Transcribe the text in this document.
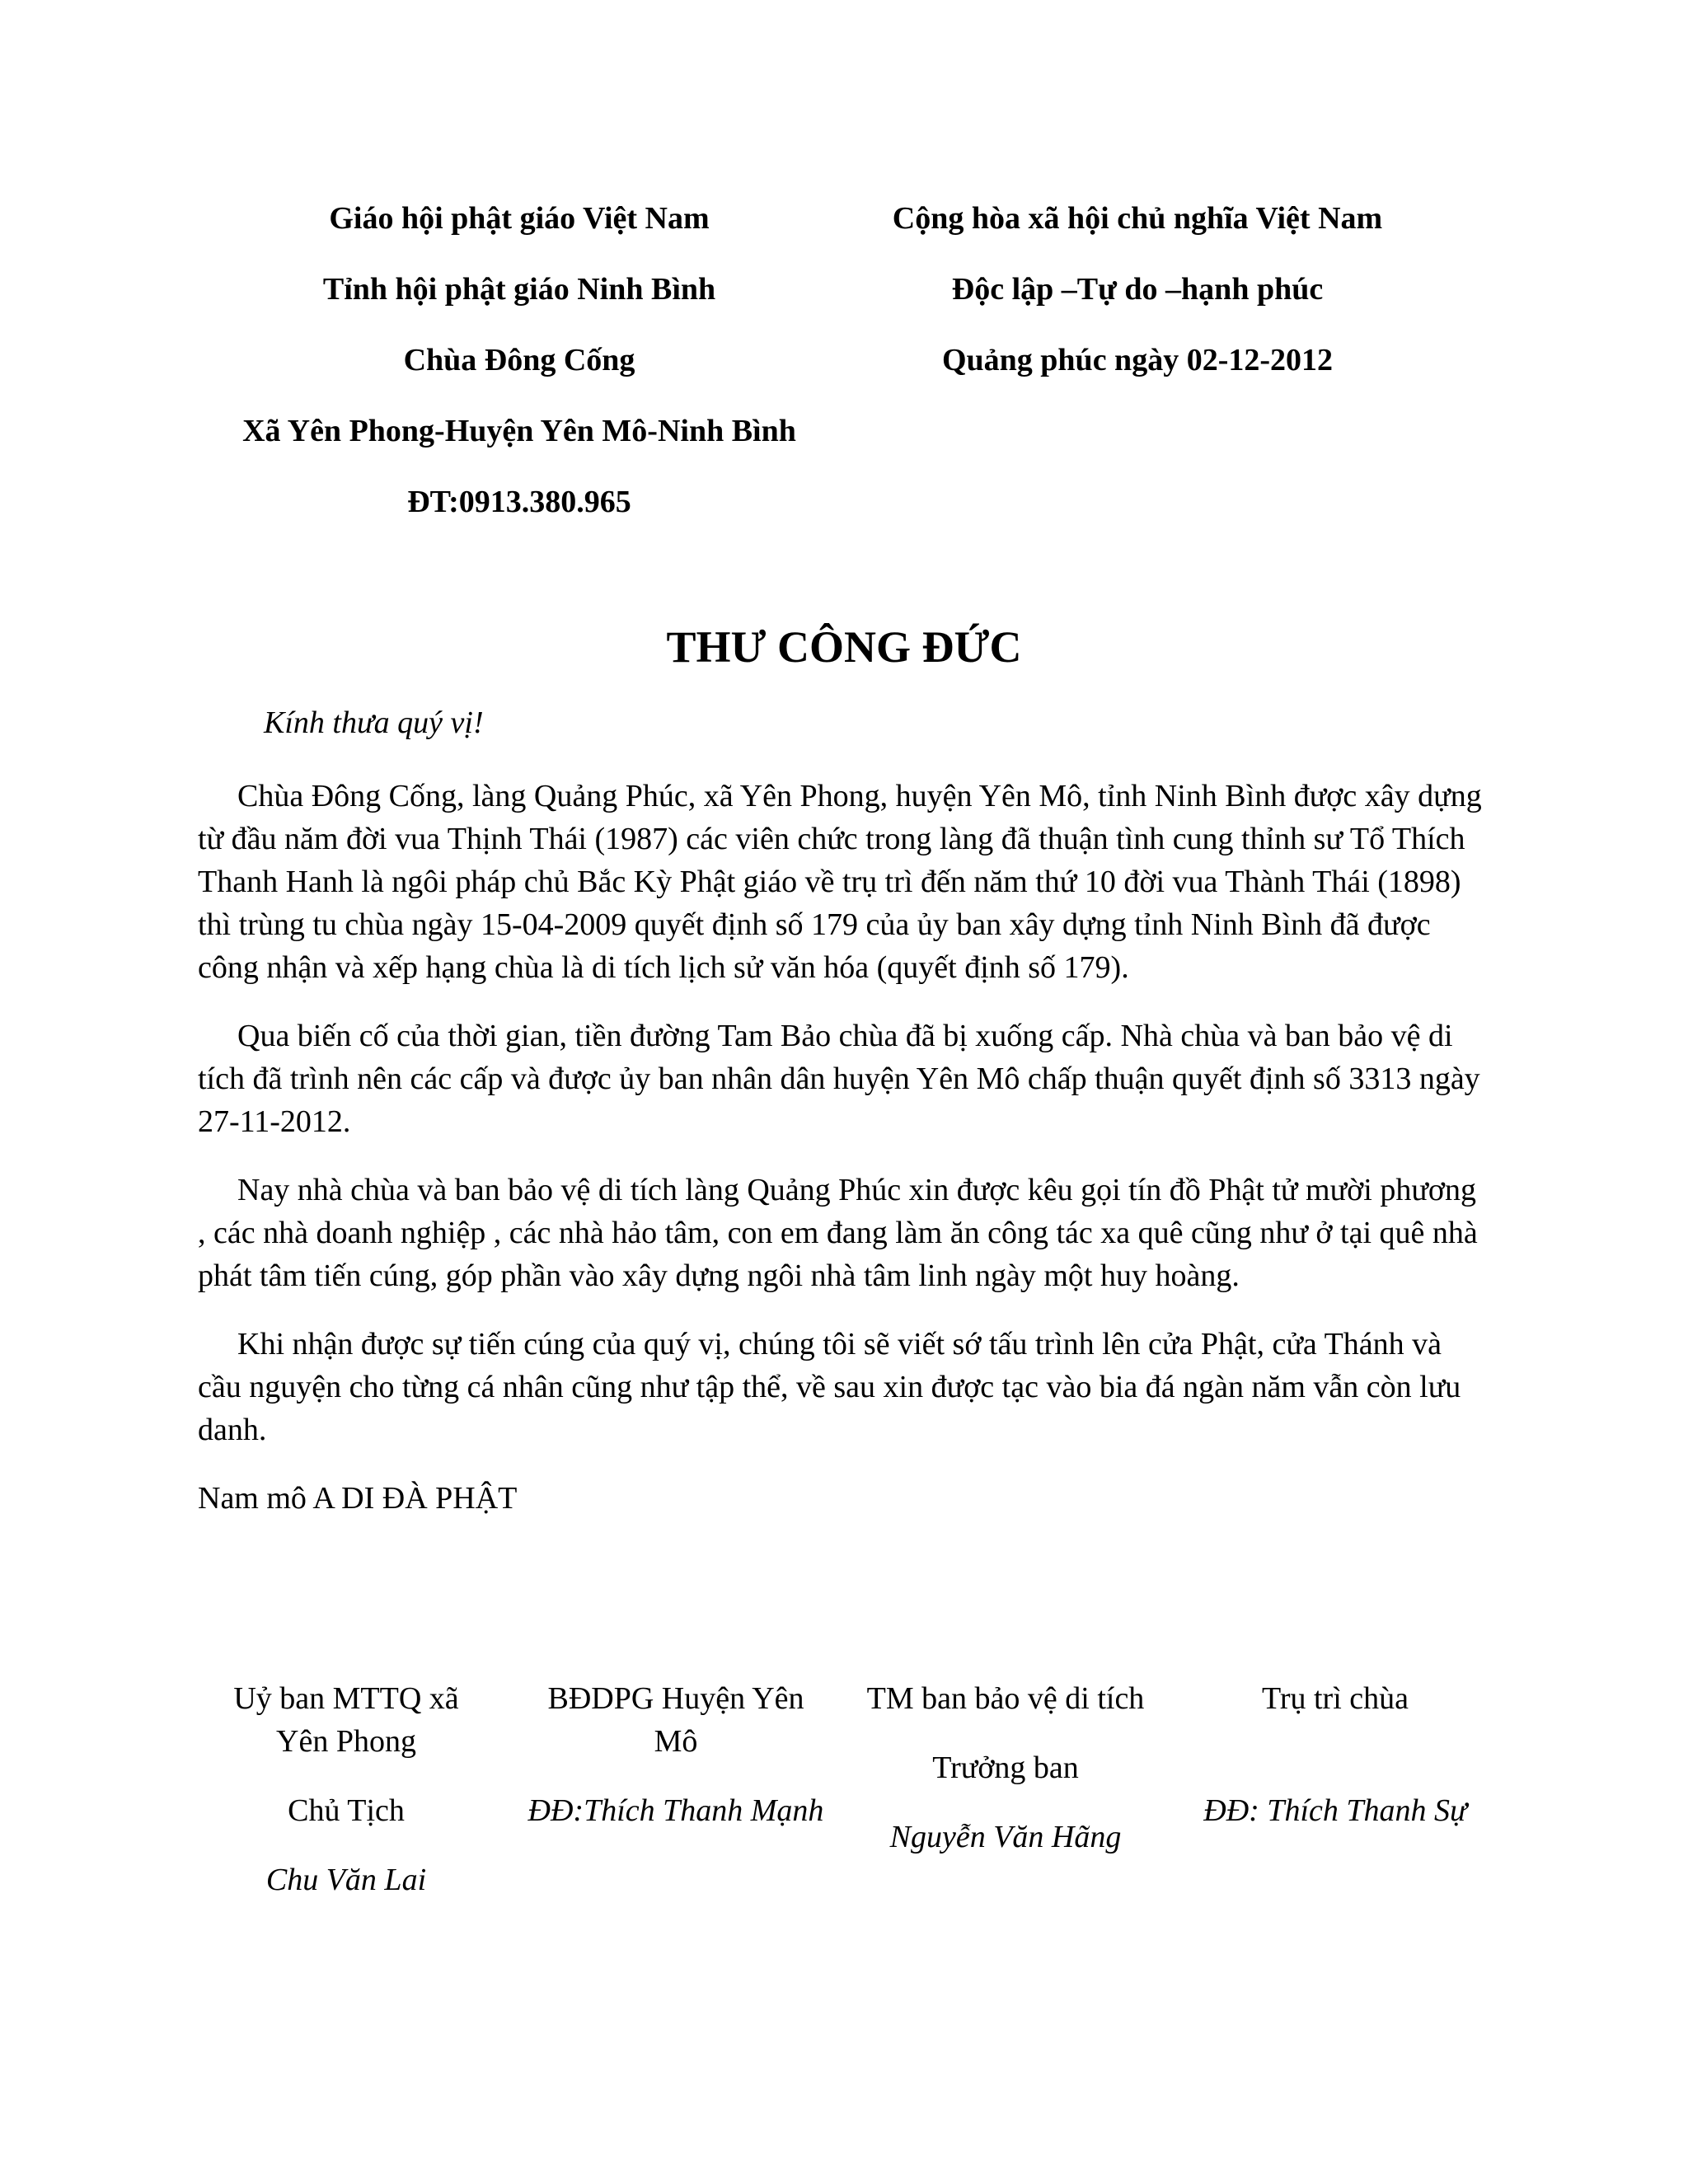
Giáo hội phật giáo Việt Nam
Tỉnh hội phật giáo Ninh Bình
Chùa Đông Cống
Xã Yên Phong-Huyện Yên Mô-Ninh Bình
ĐT:0913.380.965
Cộng hòa xã hội chủ nghĩa Việt Nam
Độc lập –Tự do –hạnh phúc
Quảng phúc ngày 02-12-2012
THƯ CÔNG ĐỨC
Kính thưa quý vị!

Chùa Đông Cống, làng Quảng Phúc, xã Yên Phong, huyện Yên Mô, tỉnh Ninh Bình được xây dựng từ đầu năm đời vua Thịnh Thái (1987) các viên chức trong làng đã thuận tình cung thỉnh sư Tổ Thích Thanh Hanh là ngôi pháp chủ Bắc Kỳ Phật giáo về trụ trì đến năm thứ 10 đời vua Thành Thái (1898) thì trùng tu chùa ngày 15-04-2009 quyết định số 179 của ủy ban xây dựng tỉnh Ninh Bình đã được công nhận và xếp hạng chùa là di tích lịch sử văn hóa (quyết định số 179).

Qua biến cố của thời gian, tiền đường Tam Bảo chùa đã bị xuống cấp. Nhà chùa và ban bảo vệ di tích đã trình nên các cấp và được ủy ban nhân dân huyện Yên Mô chấp thuận quyết định số 3313 ngày 27-11-2012.

Nay nhà chùa và ban bảo vệ di tích làng Quảng Phúc xin được kêu gọi tín đồ Phật tử mười phương , các nhà doanh nghiệp , các nhà hảo tâm, con em đang làm ăn công tác xa quê cũng như ở tại quê nhà phát tâm tiến cúng, góp phần vào xây dựng ngôi nhà tâm linh ngày một huy hoàng.

Khi nhận được sự tiến cúng của quý vị, chúng tôi sẽ viết sớ tấu trình lên cửa Phật, cửa Thánh và cầu nguyện cho từng cá nhân cũng như tập thể, về sau xin được tạc vào bia đá ngàn năm vẫn còn lưu danh.

Nam mô A DI ĐÀ PHẬT

Uỷ ban MTTQ xã Yên Phong
Chủ Tịch
Chu Văn Lai
BĐDPG Huyện Yên Mô
ĐĐ:Thích Thanh Mạnh
TM ban bảo vệ di tích
Trưởng ban
Nguyễn Văn Hãng
Trụ trì chùa
ĐĐ: Thích Thanh Sự
